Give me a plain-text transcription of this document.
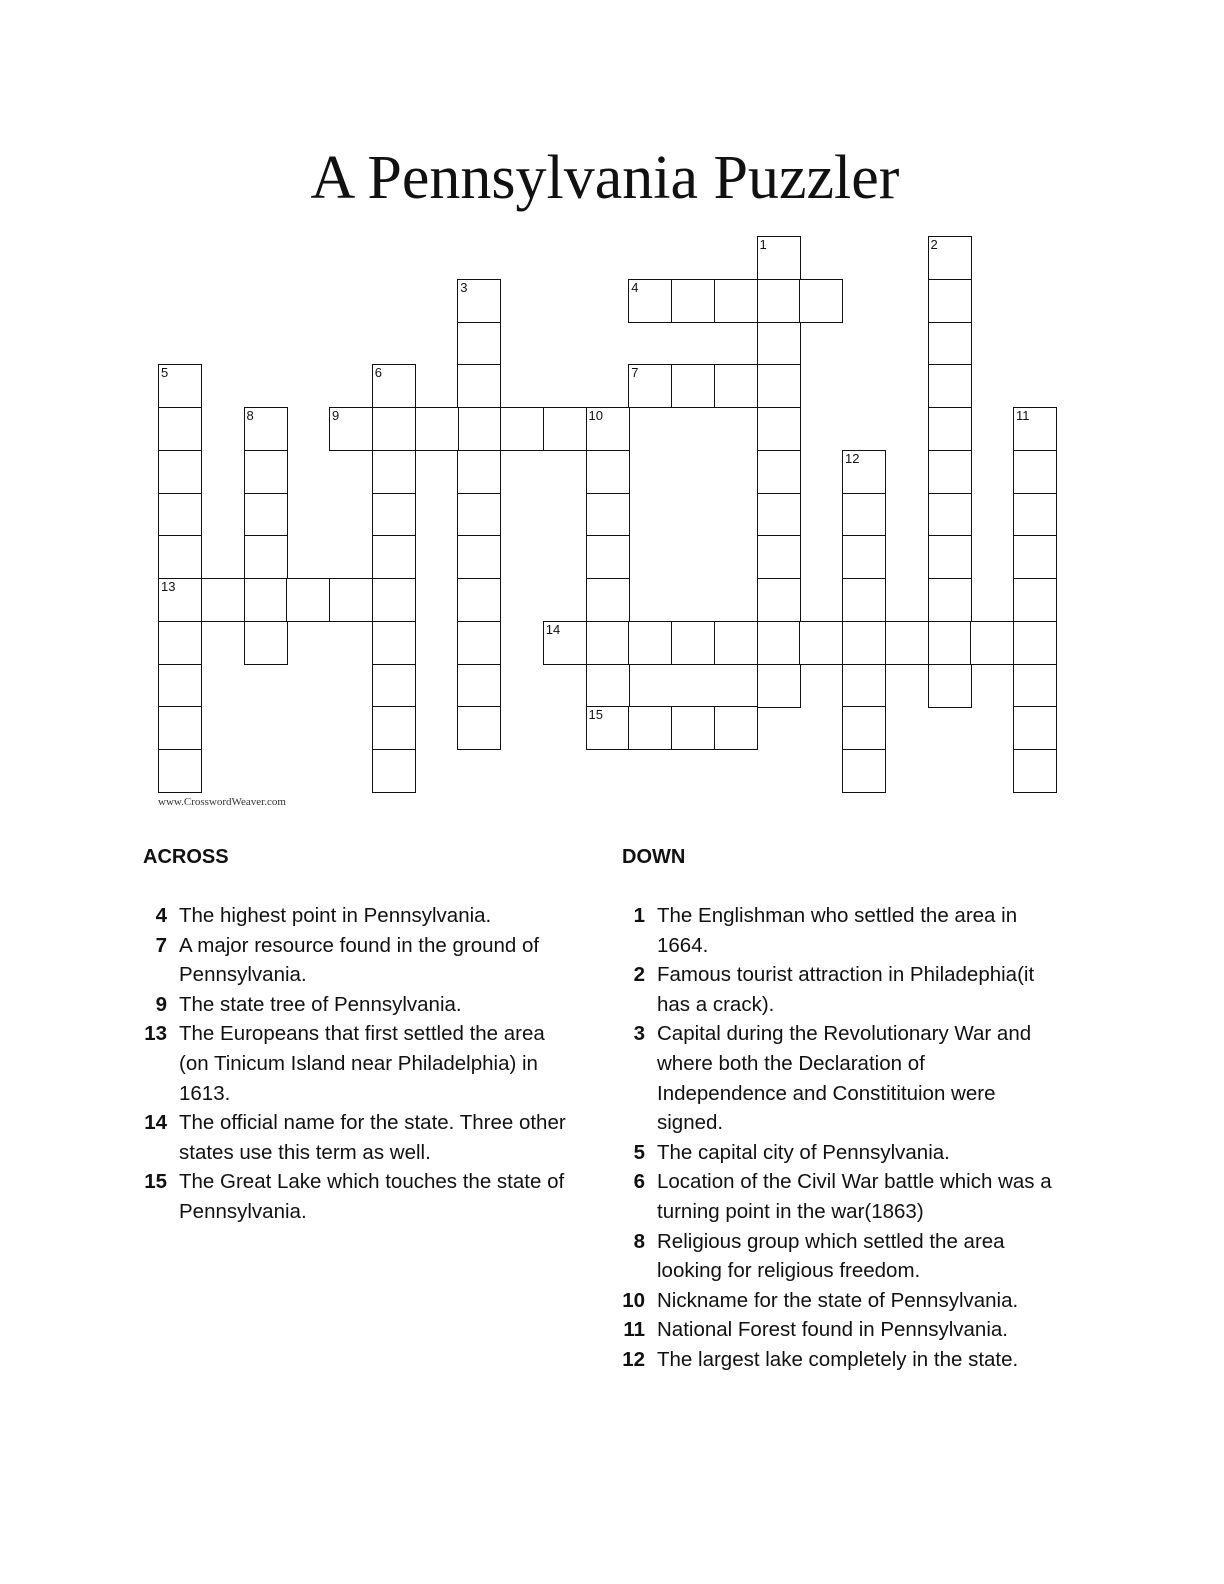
A Pennsylvania Puzzler
1	2
3	4
5
13
6	7
8	9	10
15
11
12
14
www.CrosswordWeaver.com
ACROSS	DOWN
4 The highest point in Pennsylvania.
7 A major resource found in the ground of Pennsylvania.
9 The state tree of Pennsylvania.
13 The Europeans that first settled the area (on Tinicum Island near Philadelphia) in 1613.
14 The official name for the state. Three other states use this term as well.
15 The Great Lake which touches the state of Pennsylvania.
1 The Englishman who settled the area in 1664.
2 Famous tourist attraction in Philadephia(it has a crack).
3 Capital during the Revolutionary War and where both the Declaration of Independence and Constitituion were signed.
5 The capital city of Pennsylvania.
6 Location of the Civil War battle which was a turning point in the war(1863)
8 Religious group which settled the area looking for religious freedom.
10 Nickname for the state of Pennsylvania.
11 National Forest found in Pennsylvania.
12 The largest lake completely in the state.
